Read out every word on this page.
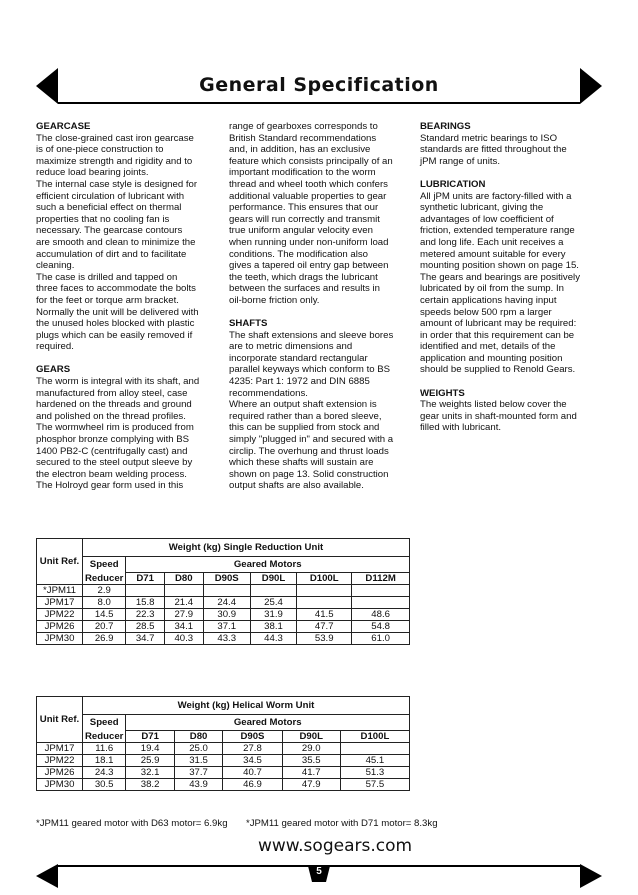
General Specification

GEARCASE

The close-grained cast iron gearcase

is of one-piece construction to

maximize strength and rigidity and to

reduce load bearing joints.

The internal case style is designed for

efficient circulation of lubricant with

such a beneficial effect on thermal

properties that no cooling fan is

necessary. The gearcase contours

are smooth and clean to minimize the

accumulation of dirt and to facilitate

cleaning.

The case is drilled and tapped on

three faces to accommodate the bolts

for the feet or torque arm bracket.

Normally the unit will be delivered with

the unused holes blocked with plastic

plugs which can be easily removed if

required.

GEARS

The worm is integral with its shaft, and

manufactured from alloy steel, case

hardened on the threads and ground

and polished on the thread profiles.

The wormwheel rim is produced from

phosphor bronze complying with BS

1400 PB2-C (centrifugally cast) and

secured to the steel output sleeve by

the electron beam welding process.

The Holroyd gear form used in this

range of gearboxes corresponds to

British Standard recommendations

and, in addition, has an exclusive

feature which consists principally of an

important modification to the worm

thread and wheel tooth which confers

additional valuable properties to gear

performance. This ensures that our

gears will run correctly and transmit

true uniform angular velocity even

when running under non-uniform load

conditions. The modification also

gives a tapered oil entry gap between

the teeth, which drags the lubricant

between the surfaces and results in

oil-borne friction only.

SHAFTS

The shaft extensions and sleeve bores

are to metric dimensions and

incorporate standard rectangular

parallel keyways which conform to BS

4235: Part 1: 1972 and DIN 6885

recommendations.

Where an output shaft extension is

required rather than a bored sleeve,

this can be supplied from stock and

simply "plugged in" and secured with a

circlip. The overhung and thrust loads

which these shafts will sustain are

shown on page 13. Solid construction

output shafts are also available.

BEARINGS

Standard metric bearings to ISO

standards are fitted throughout the

jPM range of units.

LUBRICATION

All jPM units are factory-filled with a

synthetic lubricant, giving the

advantages of low coefficient of

friction, extended temperature range

and long life. Each unit receives a

metered amount suitable for every

mounting position shown on page 15.

The gears and bearings are positively

lubricated by oil from the sump. In

certain applications having input

speeds below 500 rpm a larger

amount of lubricant may be required:

in order that this requirement can be

identified and met, details of the

application and mounting position

should be supplied to Renold Gears.

WEIGHTS

The weights listed below cover the

gear units in shaft-mounted form and

filled with lubricant.

Unit Ref.	Weight (kg) Single Reduction Unit						
	Speed	Geared Motors					
	Reducer	D71	D80	D90S	D90L	D100L	D112M
*JPM11	2.9						
JPM17	8.0	15.8	21.4	24.4	25.4		
JPM22	14.5	22.3	27.9	30.9	31.9	41.5	48.6
JPM26	20.7	28.5	34.1	37.1	38.1	47.7	54.8
JPM30	26.9	34.7	40.3	43.3	44.3	53.9	61.0
Unit Ref.	Weight (kg) Helical Worm Unit					
	Speed	Geared Motors				
	Reducer	D71	D80	D90S	D90L	D100L
JPM17	11.6	19.4	25.0	27.8	29.0	
JPM22	18.1	25.9	31.5	34.5	35.5	45.1
JPM26	24.3	32.1	37.7	40.7	41.7	51.3
JPM30	30.5	38.2	43.9	46.9	47.9	57.5
*JPM11 geared motor with D63 motor= 6.9kg *JPM11 geared motor with D71 motor= 8.3kg
www.sogears.com
5
